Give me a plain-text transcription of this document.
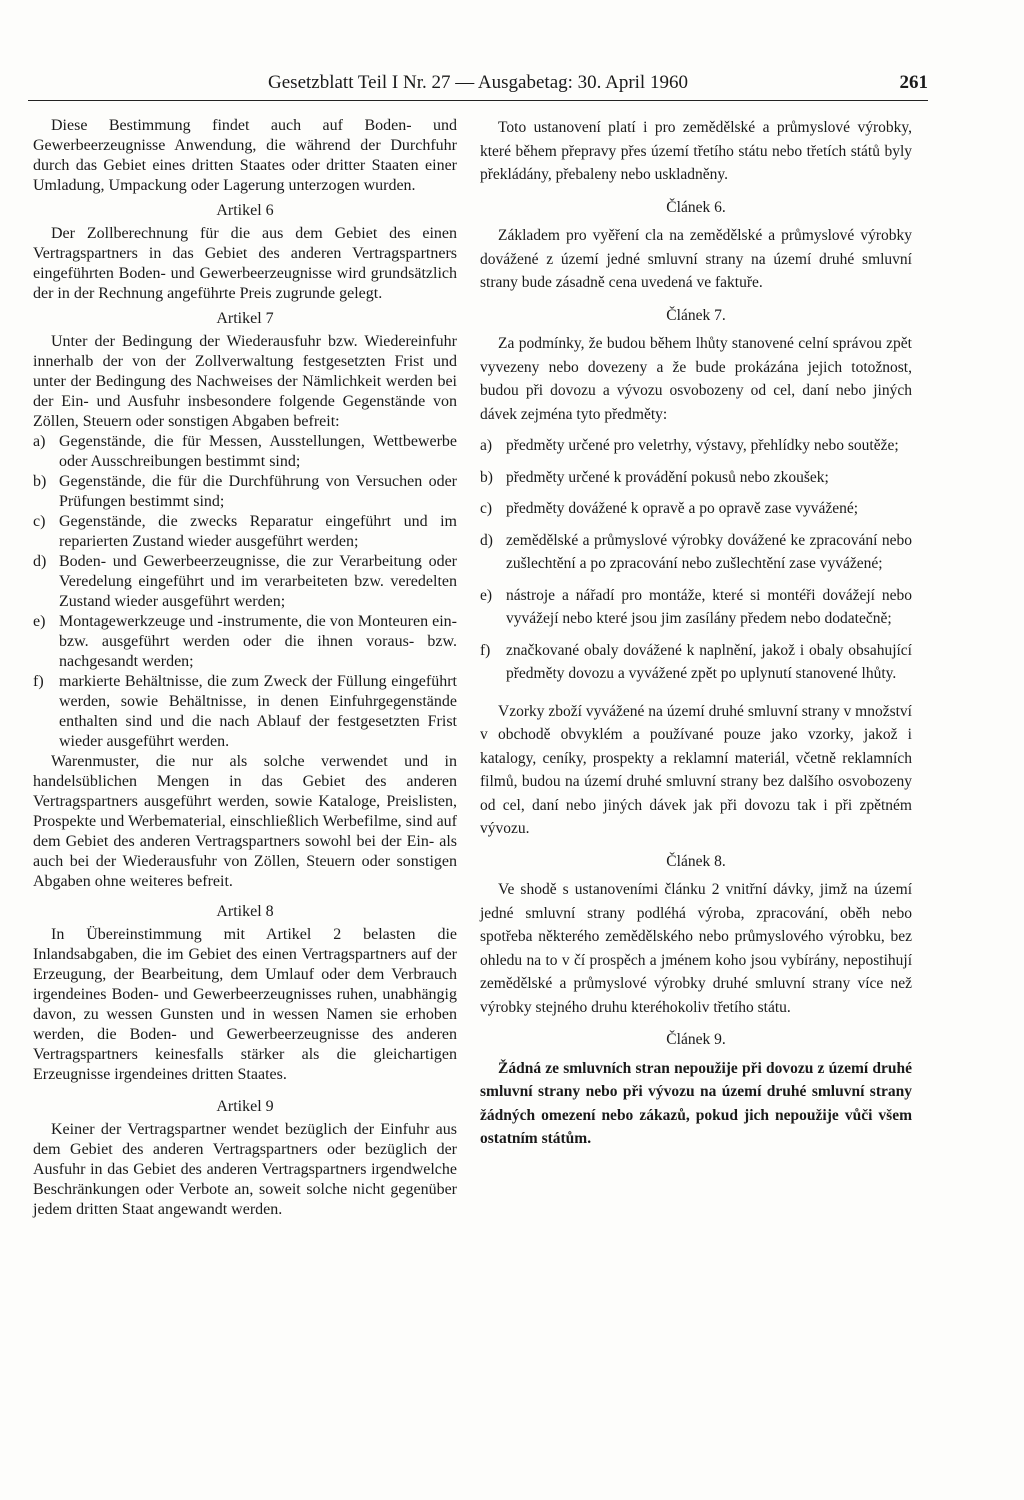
Gesetzblatt Teil I Nr. 27 — Ausgabetag: 30. April 1960	261

Diese Bestimmung findet auch auf Boden- und Gewerbeerzeugnisse Anwendung, die während der Durchfuhr durch das Gebiet eines dritten Staates oder dritter Staaten einer Umladung, Umpackung oder Lagerung unterzogen wurden.

Artikel 6

Der Zollberechnung für die aus dem Gebiet des einen Vertragspartners in das Gebiet des anderen Vertragspartners eingeführten Boden- und Gewerbeerzeugnisse wird grundsätzlich der in der Rechnung angeführte Preis zugrunde gelegt.

Artikel 7

Unter der Bedingung der Wiederausfuhr bzw. Wiedereinfuhr innerhalb der von der Zollverwaltung festgesetzten Frist und unter der Bedingung des Nachweises der Nämlichkeit werden bei der Ein- und Ausfuhr insbesondere folgende Gegenstände von Zöllen, Steuern oder sonstigen Abgaben befreit:

a) Gegenstände, die für Messen, Ausstellungen, Wettbewerbe oder Ausschreibungen bestimmt sind;
b) Gegenstände, die für die Durchführung von Versuchen oder Prüfungen bestimmt sind;
c) Gegenstände, die zwecks Reparatur eingeführt und im reparierten Zustand wieder ausgeführt werden;
d) Boden- und Gewerbeerzeugnisse, die zur Verarbeitung oder Veredelung eingeführt und im verarbeiteten bzw. veredelten Zustand wieder ausgeführt werden;
e) Montagewerkzeuge und -instrumente, die von Monteuren ein- bzw. ausgeführt werden oder die ihnen voraus- bzw. nachgesandt werden;
f) markierte Behältnisse, die zum Zweck der Füllung eingeführt werden, sowie Behältnisse, in denen Einfuhrgegenstände enthalten sind und die nach Ablauf der festgesetzten Frist wieder ausgeführt werden.

Warenmuster, die nur als solche verwendet und in handelsüblichen Mengen in das Gebiet des anderen Vertragspartners ausgeführt werden, sowie Kataloge, Preislisten, Prospekte und Werbematerial, einschließlich Werbefilme, sind auf dem Gebiet des anderen Vertragspartners sowohl bei der Ein- als auch bei der Wiederausfuhr von Zöllen, Steuern oder sonstigen Abgaben ohne weiteres befreit.

Artikel 8

In Übereinstimmung mit Artikel 2 belasten die Inlandsabgaben, die im Gebiet des einen Vertragspartners auf der Erzeugung, der Bearbeitung, dem Umlauf oder dem Verbrauch irgendeines Boden- und Gewerbeerzeugnisses ruhen, unabhängig davon, zu wessen Gunsten und in wessen Namen sie erhoben werden, die Boden- und Gewerbeerzeugnisse des anderen Vertragspartners keinesfalls stärker als die gleichartigen Erzeugnisse irgendeines dritten Staates.

Artikel 9

Keiner der Vertragspartner wendet bezüglich der Einfuhr aus dem Gebiet des anderen Vertragspartners oder bezüglich der Ausfuhr in das Gebiet des anderen Vertragspartners irgendwelche Beschränkungen oder Verbote an, soweit solche nicht gegenüber jedem dritten Staat angewandt werden.

Toto ustanovení platí i pro zemědělské a průmyslové výrobky, které během přepravy přes území třetího státu nebo třetích států byly překládány, přebaleny nebo uskladněny.

Článek 6.

Základem pro vyěření cla na zemědělské a průmyslové výrobky dovážené z území jedné smluvní strany na území druhé smluvní strany bude zásadně cena uvedená ve faktuře.

Článek 7.

Za podmínky, že budou během lhůty stanovené celní správou zpět vyvezeny nebo dovezeny a že bude prokázána jejich totožnost, budou při dovozu a vývozu osvobozeny od cel, daní nebo jiných dávek zejména tyto předměty:

a) předměty určené pro veletrhy, výstavy, přehlídky nebo soutěže;
b) předměty určené k provádění pokusů nebo zkoušek;
c) předměty dovážené k opravě a po opravě zase vyvážené;
d) zemědělské a průmyslové výrobky dovážené ke zpracování nebo zušlechtění a po zpracování nebo zušlechtění zase vyvážené;
e) nástroje a nářadí pro montáže, které si montéři dovážejí nebo vyvážejí nebo které jsou jim zasílány předem nebo dodatečně;
f)	značkované obaly dovážené k naplnění, jakož i obaly obsahující předměty dovozu a vyvážené zpět po uplynutí stanovené lhůty.

Vzorky zboží vyvážené na území druhé smluvní strany v množství v obchodě obvyklém a používané pouze jako vzorky, jakož i katalogy, ceníky, prospekty a reklamní materiál, včetně reklamních filmů, budou na území druhé smluvní strany bez dalšího osvobozeny od cel, daní nebo jiných dávek jak při dovozu tak i při zpětném vývozu.

Článek 8.

Ve shodě s ustanoveními článku 2 vnitřní dávky, jimž na území jedné smluvní strany podléhá výroba, zpracování, oběh nebo spotřeba některého zemědělského nebo průmyslového výrobku, bez ohledu na to v čí prospěch a jménem koho jsou vybírány, nepostihují zemědělské a průmyslové výrobky druhé smluvní strany více než výrobky stejného druhu kteréhokoliv třetího státu.

Článek 9.

Žádná ze smluvních stran nepoužije při dovozu z území druhé smluvní strany nebo při vývozu na území druhé smluvní strany žádných omezení nebo zákazů, pokud jich nepoužije vůči všem ostatním státům.
